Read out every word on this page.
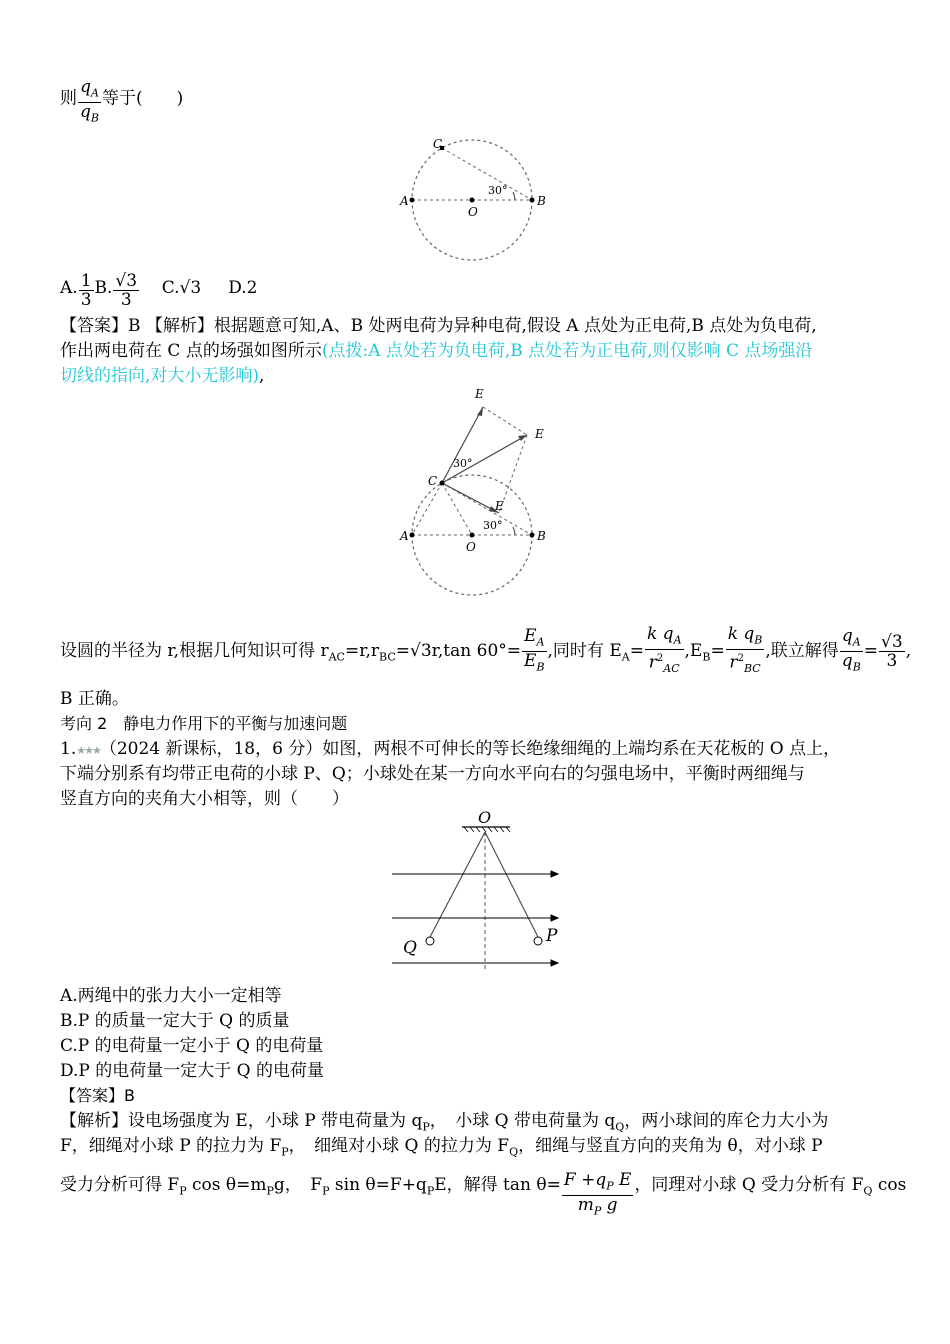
则 $\frac{q_A}{q_B}$ 等于(　　)
A	B
O
C
30°
A. $\frac{1}{3} B$. $\frac{√3}{3} C.√3$ D.2
【答案】B 【解析】根据题意可知,A、B 处两电荷为异种电荷,假设 A 点处为正电荷,B 点处为负电荷,
作出两电荷在 C 点的场强如图所示(点拨:A 点处若为负电荷,B 点处若为正电荷,则仅影响 C 点场强沿
切线的指向,对大小无影响),
A	B
O
C
E
E
E
30°
30°
设圆的半径为 r,根据几何知识可得 $r_{AC}=r,r_{BC}=√3r,\tan$ $60^\circ= \frac{E_A}{E_B}$ ,同时有 $E_A= \frac{k q_A}{r^2_{AC}} ,E_B= \frac{k q_B}{r^2_{BC}}$ ,联立解得 $\frac{q_A}{q_B} = \frac{√3}{3}$ ,
B 正确。
考向 2　静电力作用下的平衡与加速问题
1.★★★（2024 新课标，18，6 分）如图，两根不可伸长的等长绝缘细绳的上端均系在天花板的 O 点上，
下端分别系有均带正电荷的小球 P、Q；小球处在某一方向水平向右的匀强电场中，平衡时两细绳与
竖直方向的夹角大小相等，则（　　）
O
Q
P
A.两绳中的张力大小一定相等
B.P 的质量一定大于 Q 的质量
C.P 的电荷量一定小于 Q 的电荷量
D.P 的电荷量一定大于 Q 的电荷量
【答案】B
【解析】设电场强度为 E，小球 P 带电荷量为 $q_P$，　小球 Q 带电荷量为 $q_Q$，两小球间的库仑力大小为
F，细绳对小球 P 的拉力为 $F_P$，　细绳对小球 Q 的拉力为 $F_Q$，细绳与竖直方向的夹角为 θ，对小球 P
受力分析可得 $F_P$ $\cos \theta=m_Pg$，　$F_P$ $\sin \theta=F+q_PE$，解得 $\tan \theta= \frac{F +q_P E}{m_P g}$ ，同理对小球 Q 受力分析有 $F_Q$ cos
